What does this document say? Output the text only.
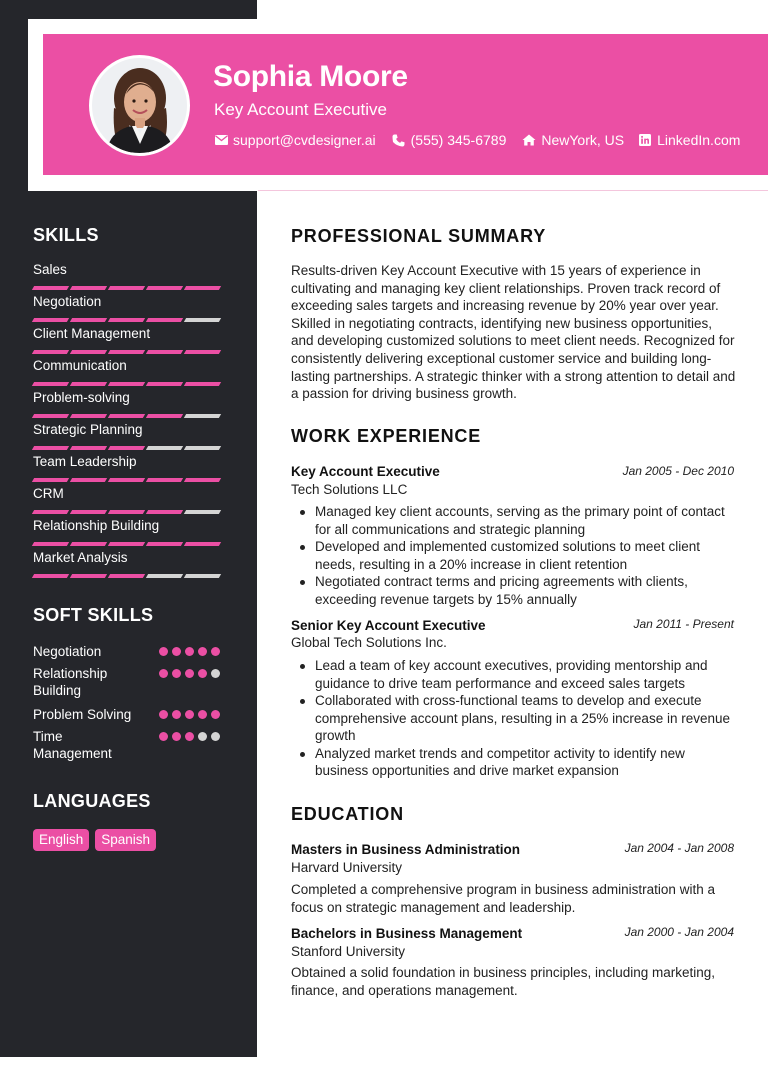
Sophia Moore
Key Account Executive
support@cvdesigner.ai	(555) 345-6789	NewYork, US LinkedIn.com
SKILLS
Sales
Negotiation
Client Management
Communication
Problem-solving
Strategic Planning
Team Leadership
CRM
Relationship Building
Market Analysis
SOFT SKILLS
Negotiation
Relationship Building
Problem Solving
Time Management
LANGUAGES
English	Spanish
PROFESSIONAL SUMMARY
Results-driven Key Account Executive with 15 years of experience in cultivating and managing key client relationships. Proven track record of exceeding sales targets and increasing revenue by 20% year over year. Skilled in negotiating contracts, identifying new business opportunities, and developing customized solutions to meet client needs. Recognized for consistently delivering exceptional customer service and building long-lasting partnerships. A strategic thinker with a strong attention to detail and a passion for driving business growth.
WORK EXPERIENCE
Key Account Executive	Jan 2005 - Dec 2010
Tech Solutions LLC
Managed key client accounts, serving as the primary point of contact for all communications and strategic planning
Developed and implemented customized solutions to meet client needs, resulting in a 20% increase in client retention
Negotiated contract terms and pricing agreements with clients, exceeding revenue targets by 15% annually
Senior Key Account Executive	Jan 2011 - Present
Global Tech Solutions Inc.
Lead a team of key account executives, providing mentorship and guidance to drive team performance and exceed sales targets
Collaborated with cross-functional teams to develop and execute comprehensive account plans, resulting in a 25% increase in revenue growth
Analyzed market trends and competitor activity to identify new business opportunities and drive market expansion
EDUCATION
Masters in Business Administration	Jan 2004 - Jan 2008
Harvard University
Completed a comprehensive program in business administration with a focus on strategic management and leadership.
Bachelors in Business Management	Jan 2000 - Jan 2004
Stanford University
Obtained a solid foundation in business principles, including marketing, finance, and operations management.
